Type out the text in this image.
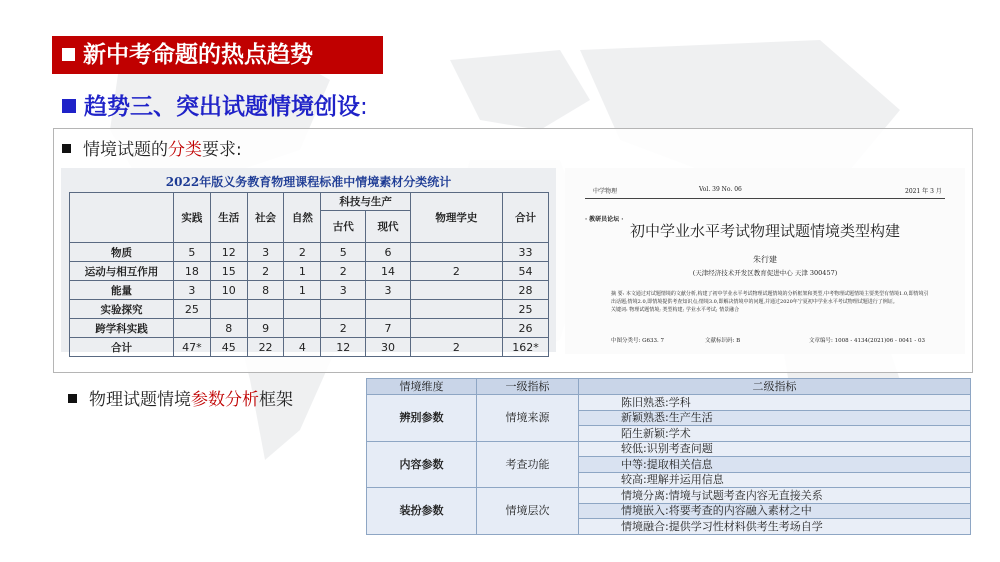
新中考命题的热点趋势
趋势三、突出试题情境创设:
情境试题的分类要求:
2022年版义务教育物理课程标准中情境素材分类统计
	实践	生活	社会	自然	科技与生产		物理学史	合计
					古代	现代		
物质	5	12	3	2	5	6		33
运动与相互作用	18	15	2	1	2	14	2	54
能量	3	10	8	1	3	3		28
实验探究	25							25
跨学科实践		8	9		2	7		26
合计	47*	45	22	4	12	30	2	162*
中学物理	Vol. 39 No. 06	2021 年 3 月
· 教研员论坛 ·
初中学业水平考试物理试题情境类型构建
朱行建
(天津经济技术开发区教育促进中心 天津 300457)
摘 要: 本文通过对试题情境的文献分析,构建了初中学业水平考试物理试题情境的分析框架和类型,中考物理试题情境主要类型有情境1.0,即情境引出话题;情境2.0,即情境提供考查知识点;情境3.0,即解决情境中的问题,并通过2020年宁夏初中学业水平考试物理试题进行了例证。
关键词: 物理试题情境; 类型构建; 学业水平考试; 情景融合
中图分类号: G633. 7	文献标识码: B	文章编号: 1008 - 4134(2021)06 - 0041 - 03
物理试题情境参数分析框架
情境维度	一级指标	二级指标
辨别参数	情境来源	陈旧熟悉:学科
		新颖熟悉:生产生活
		陌生新颖:学术
内容参数	考查功能	较低:识别考查问题
		中等:提取相关信息
		较高:理解并运用信息
装扮参数	情境层次	情境分离:情境与试题考查内容无直接关系
		情境嵌入:将要考查的内容融入素材之中
		情境融合:提供学习性材料供考生考场自学
